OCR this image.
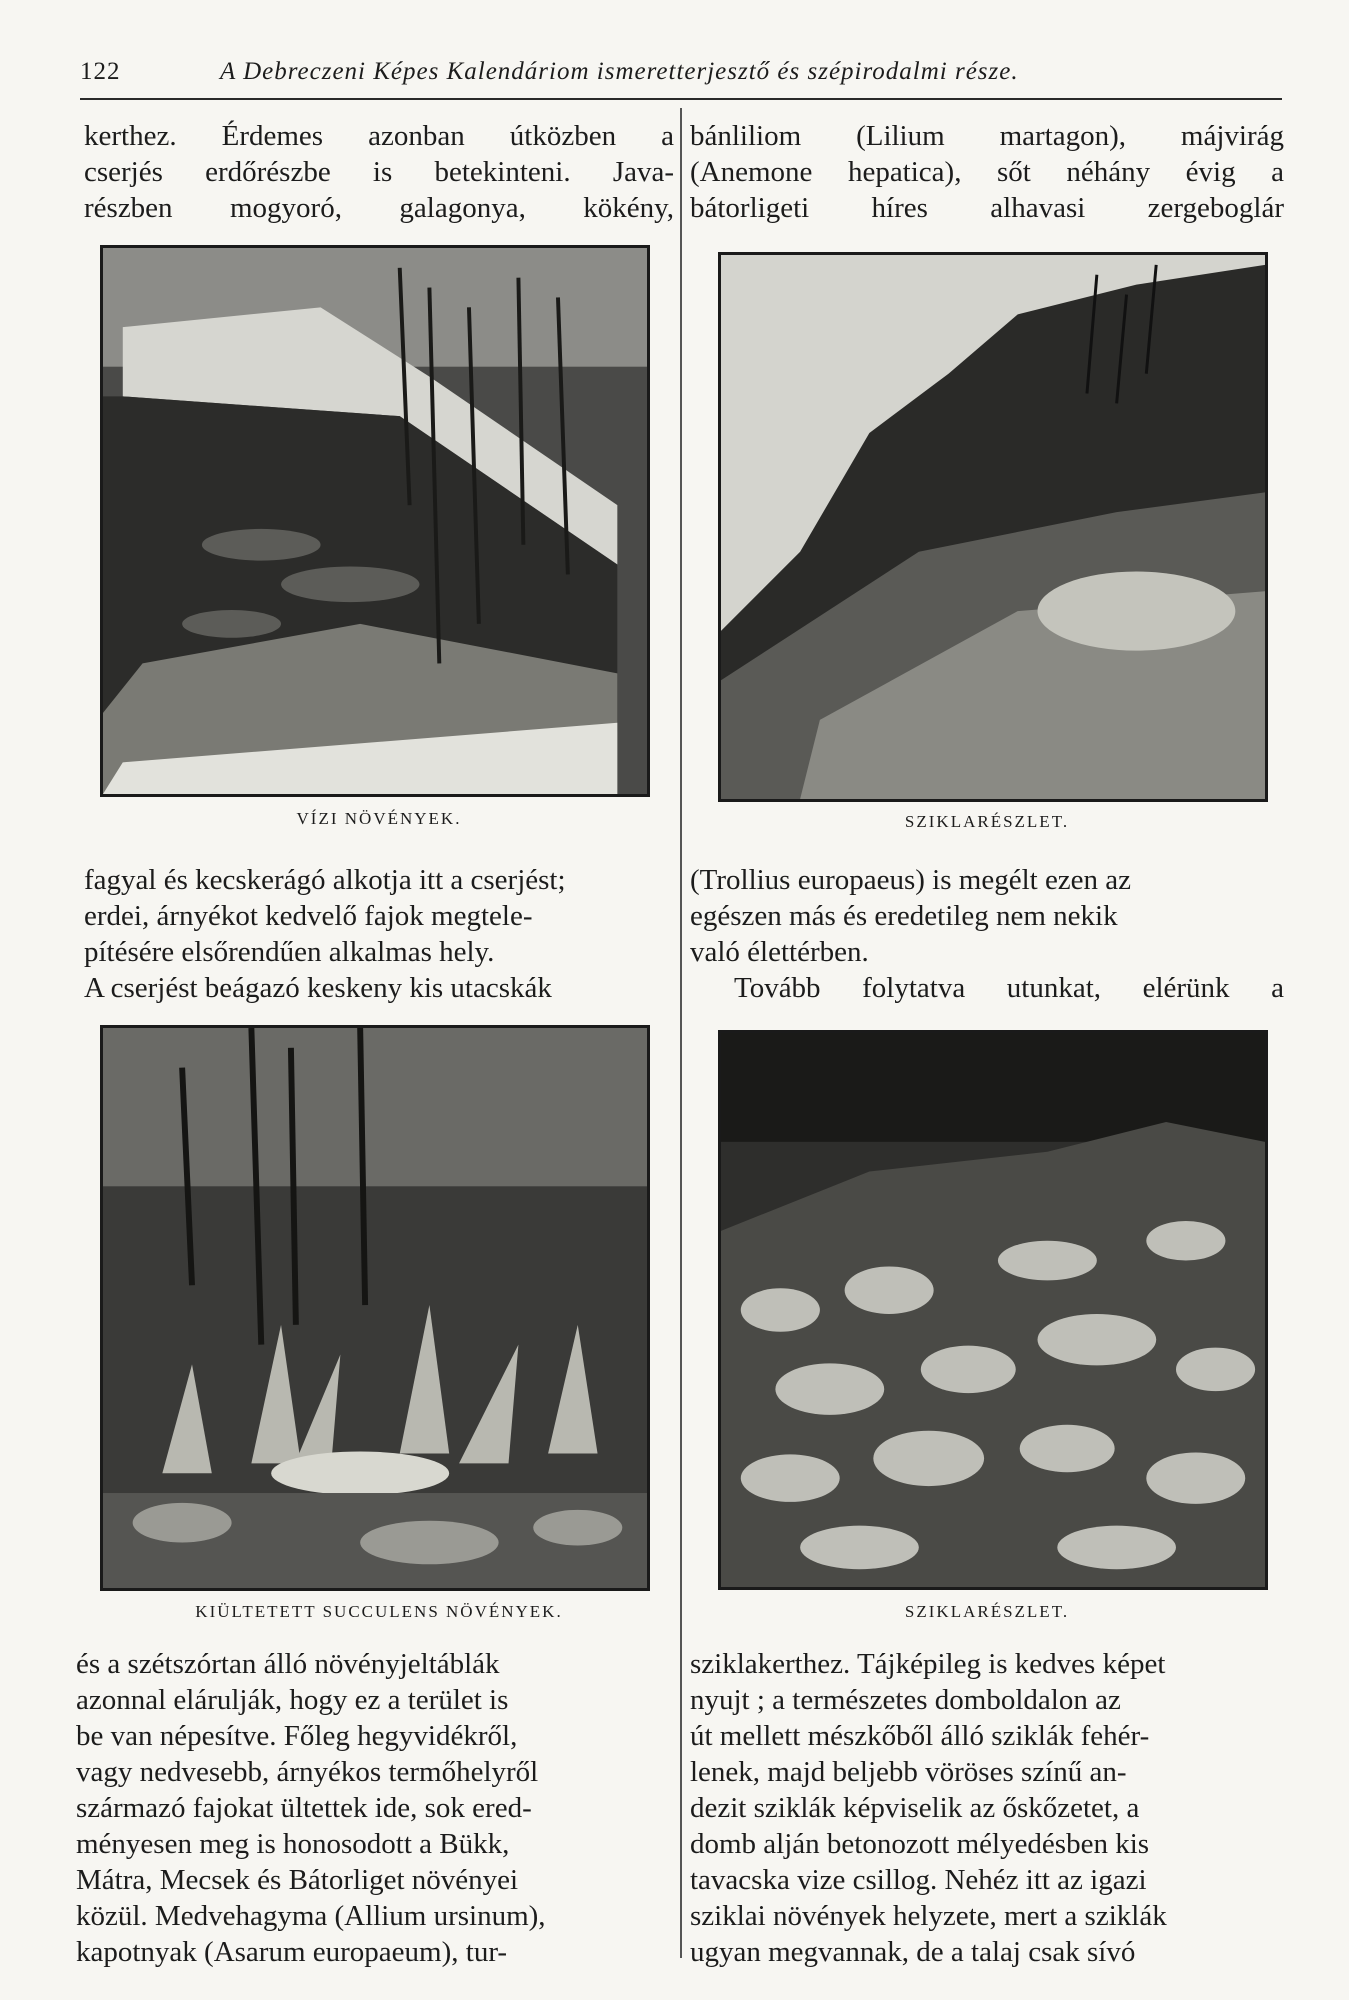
122	A Debreczeni Képes Kalendáriom ismeretterjesztő és szépirodalmi része.
kerthez. Érdemes azonban útközben a
cserjés erdőrészbe is betekinteni. Java-
részben mogyoró, galagonya, kökény,
VÍZI NÖVÉNYEK.
fagyal és kecskerágó alkotja itt a cserjést;
erdei, árnyékot kedvelő fajok megtele-
pítésére elsőrendűen alkalmas hely.
A cserjést beágazó keskeny kis utacskák
KIÜLTETETT SUCCULENS NÖVÉNYEK.
és a szétszórtan álló növényjeltáblák
azonnal elárulják, hogy ez a terület is
be van népesítve. Főleg hegyvidékről,
vagy nedvesebb, árnyékos termőhelyről
származó fajokat ültettek ide, sok ered-
ményesen meg is honosodott a Bükk,
Mátra, Mecsek és Bátorliget növényei
közül. Medvehagyma (Allium ursinum),
kapotnyak (Asarum europaeum), tur-
bánliliom (Lilium martagon), májvirág
(Anemone hepatica), sőt néhány évig a
bátorligeti híres alhavasi zergeboglár
SZIKLARÉSZLET.
(Trollius europaeus) is megélt ezen az
egészen más és eredetileg nem nekik
való élettérben.
Tovább folytatva utunkat, elérünk a
SZIKLARÉSZLET.
sziklakerthez. Tájképileg is kedves képet
nyujt ; a természetes domboldalon az
út mellett mészkőből álló sziklák fehér-
lenek, majd beljebb vöröses színű an-
dezit sziklák képviselik az őskőzetet, a
domb alján betonozott mélyedésben kis
tavacska vize csillog. Nehéz itt az igazi
sziklai növények helyzete, mert a sziklák
ugyan megvannak, de a talaj csak sívó
